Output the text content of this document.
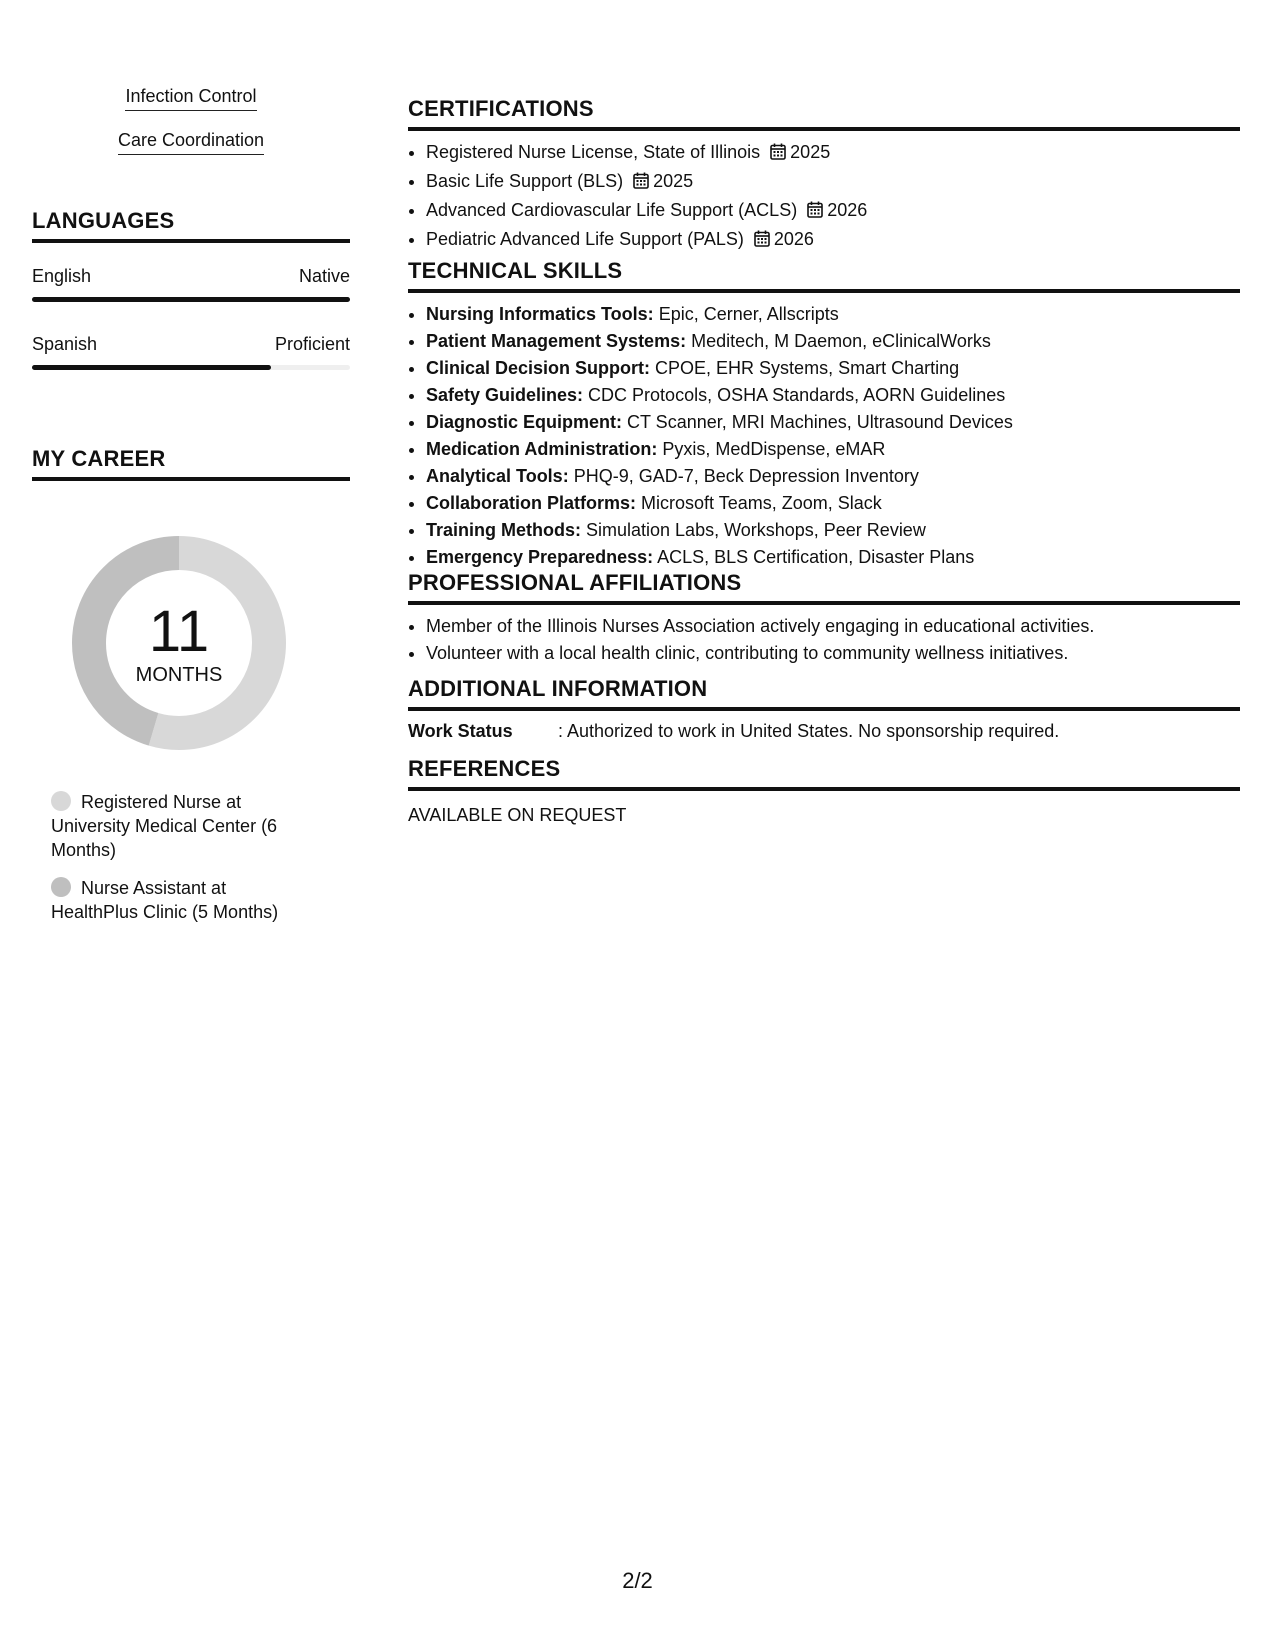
Infection Control
Care Coordination
LANGUAGES
English	Native
Spanish	Proficient
MY CAREER
11
MONTHS
Registered Nurse at University Medical Center (6 Months)
Nurse Assistant at HealthPlus Clinic (5 Months)
CERTIFICATIONS
• Registered Nurse License, State of Illinois 2025
• Basic Life Support (BLS) 2025
• Advanced Cardiovascular Life Support (ACLS) 2026
• Pediatric Advanced Life Support (PALS) 2026
TECHNICAL SKILLS
• Nursing Informatics Tools: Epic, Cerner, Allscripts
• Patient Management Systems: Meditech, M Daemon, eClinicalWorks
• Clinical Decision Support: CPOE, EHR Systems, Smart Charting
• Safety Guidelines: CDC Protocols, OSHA Standards, AORN Guidelines
• Diagnostic Equipment: CT Scanner, MRI Machines, Ultrasound Devices
• Medication Administration: Pyxis, MedDispense, eMAR
• Analytical Tools: PHQ-9, GAD-7, Beck Depression Inventory
• Collaboration Platforms: Microsoft Teams, Zoom, Slack
• Training Methods: Simulation Labs, Workshops, Peer Review
• Emergency Preparedness: ACLS, BLS Certification, Disaster Plans
PROFESSIONAL AFFILIATIONS
• Member of the Illinois Nurses Association actively engaging in educational activities.
• Volunteer with a local health clinic, contributing to community wellness initiatives.
ADDITIONAL INFORMATION
Work Status	: Authorized to work in United States. No sponsorship required.
REFERENCES
AVAILABLE ON REQUEST
2/2
